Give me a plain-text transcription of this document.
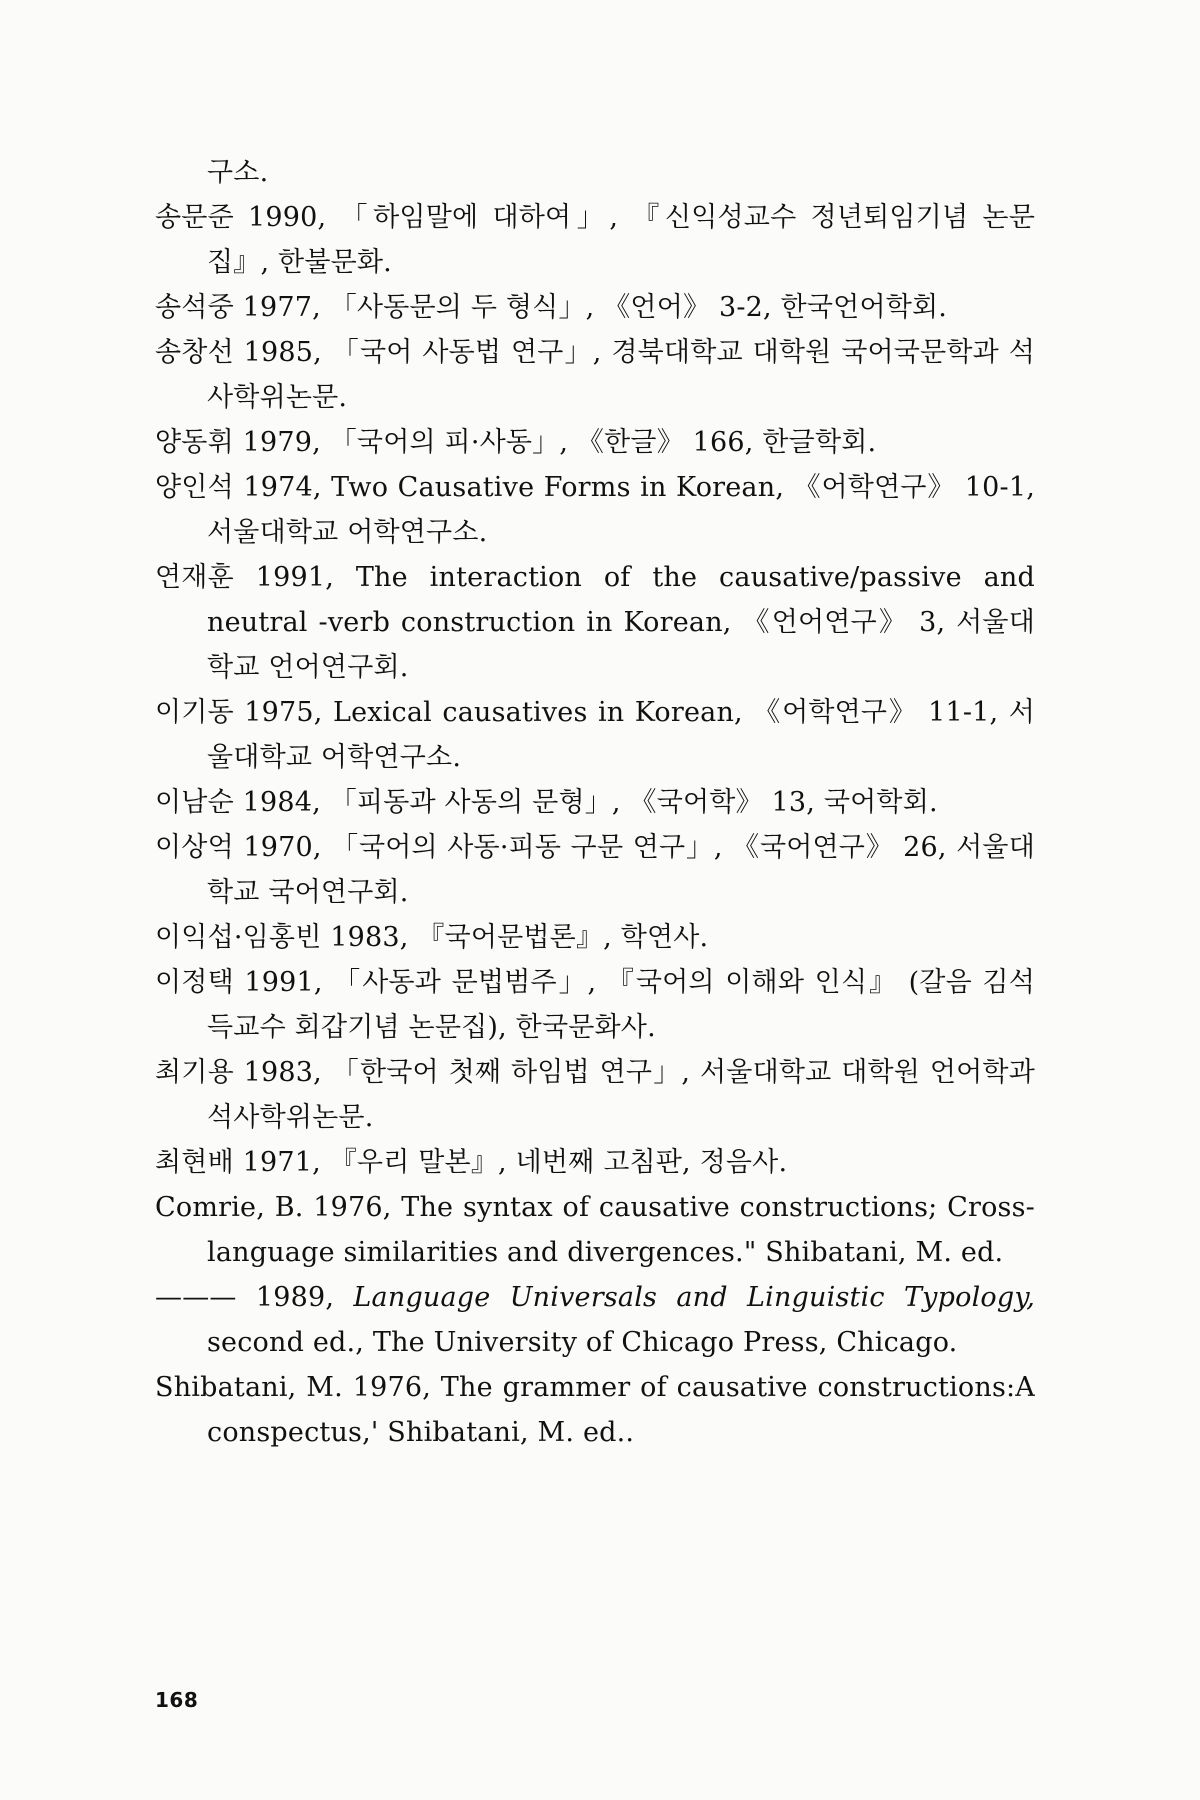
구소.
송문준 1990, 「하임말에 대하여」, 『신익성교수 정년퇴임기념 논문집』, 한불문화.
송석중 1977, 「사동문의 두 형식」, 《언어》 3-2, 한국언어학회.
송창선 1985, 「국어 사동법 연구」, 경북대학교 대학원 국어국문학과 석사학위논문.
양동휘 1979, 「국어의 피·사동」, 《한글》 166, 한글학회.
양인석 1974, Two Causative Forms in Korean, 《어학연구》 10-1, 서울대학교 어학연구소.
연재훈 1991, The interaction of the causative/passive and neutral -verb construction in Korean, 《언어연구》 3, 서울대학교 언어연구회.
이기동 1975, Lexical causatives in Korean, 《어학연구》 11-1, 서울대학교 어학연구소.
이남순 1984, 「피동과 사동의 문형」, 《국어학》 13, 국어학회.
이상억 1970, 「국어의 사동·피동 구문 연구」, 《국어연구》 26, 서울대학교 국어연구회.
이익섭·임홍빈 1983, 『국어문법론』, 학연사.
이정택 1991, 「사동과 문법범주」, 『국어의 이해와 인식』 (갈음 김석득교수 회갑기념 논문집), 한국문화사.
최기용 1983, 「한국어 첫째 하임법 연구」, 서울대학교 대학원 언어학과 석사학위논문.
최현배 1971, 『우리 말본』, 네번째 고침판, 정음사.
Comrie, B. 1976, The syntax of causative constructions; Cross-language similarities and divergences." Shibatani, M. ed.
——— 1989, Language Universals and Linguistic Typology, second ed., The University of Chicago Press, Chicago.
Shibatani, M. 1976, The grammer of causative constructions:A conspectus,' Shibatani, M. ed..
168
